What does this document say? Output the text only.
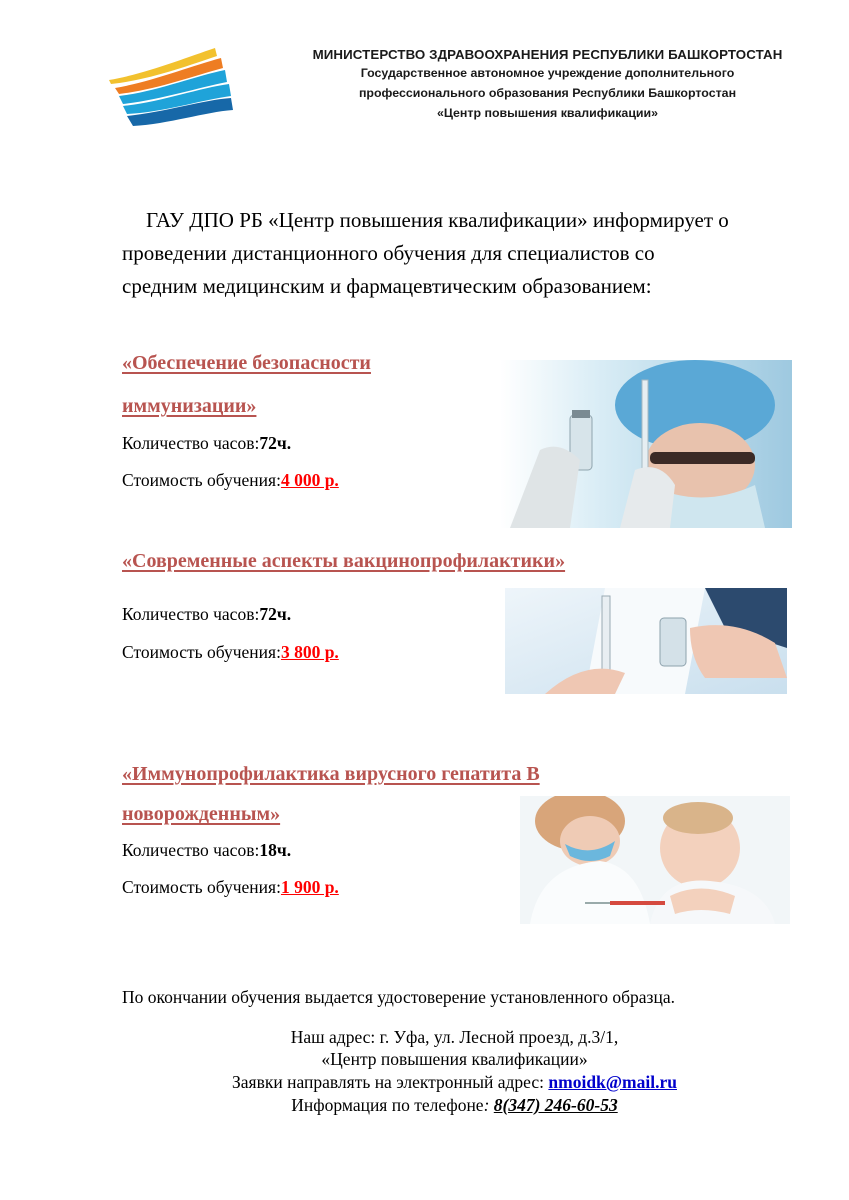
МИНИСТЕРСТВО ЗДРАВООХРАНЕНИЯ РЕСПУБЛИКИ БАШКОРТОСТАН
Государственное автономное учреждение дополнительного
профессионального образования Республики Башкортостан
«Центр повышения квалификации»
ГАУ ДПО РБ «Центр повышения квалификации» информирует о
проведении дистанционного обучения для специалистов со
средним медицинским и фармацевтическим образованием:
«Обеспечение безопасности
иммунизации»
Количество часов:72ч.
Стоимость обучения:4 000 р.
«Современные аспекты вакцинопрофилактики»
Количество часов:72ч.
Стоимость обучения:3 800 р.
«Иммунопрофилактика вирусного гепатита В
новорожденным»
Количество часов:18ч.
Стоимость обучения:1 900 р.
По окончании обучения выдается удостоверение установленного образца.
Наш адрес: г. Уфа, ул. Лесной проезд, д.3/1,
«Центр повышения квалификации»
Заявки направлять на электронный адрес: nmoidk@mail.ru
Информация по телефоне: 8(347) 246-60-53
